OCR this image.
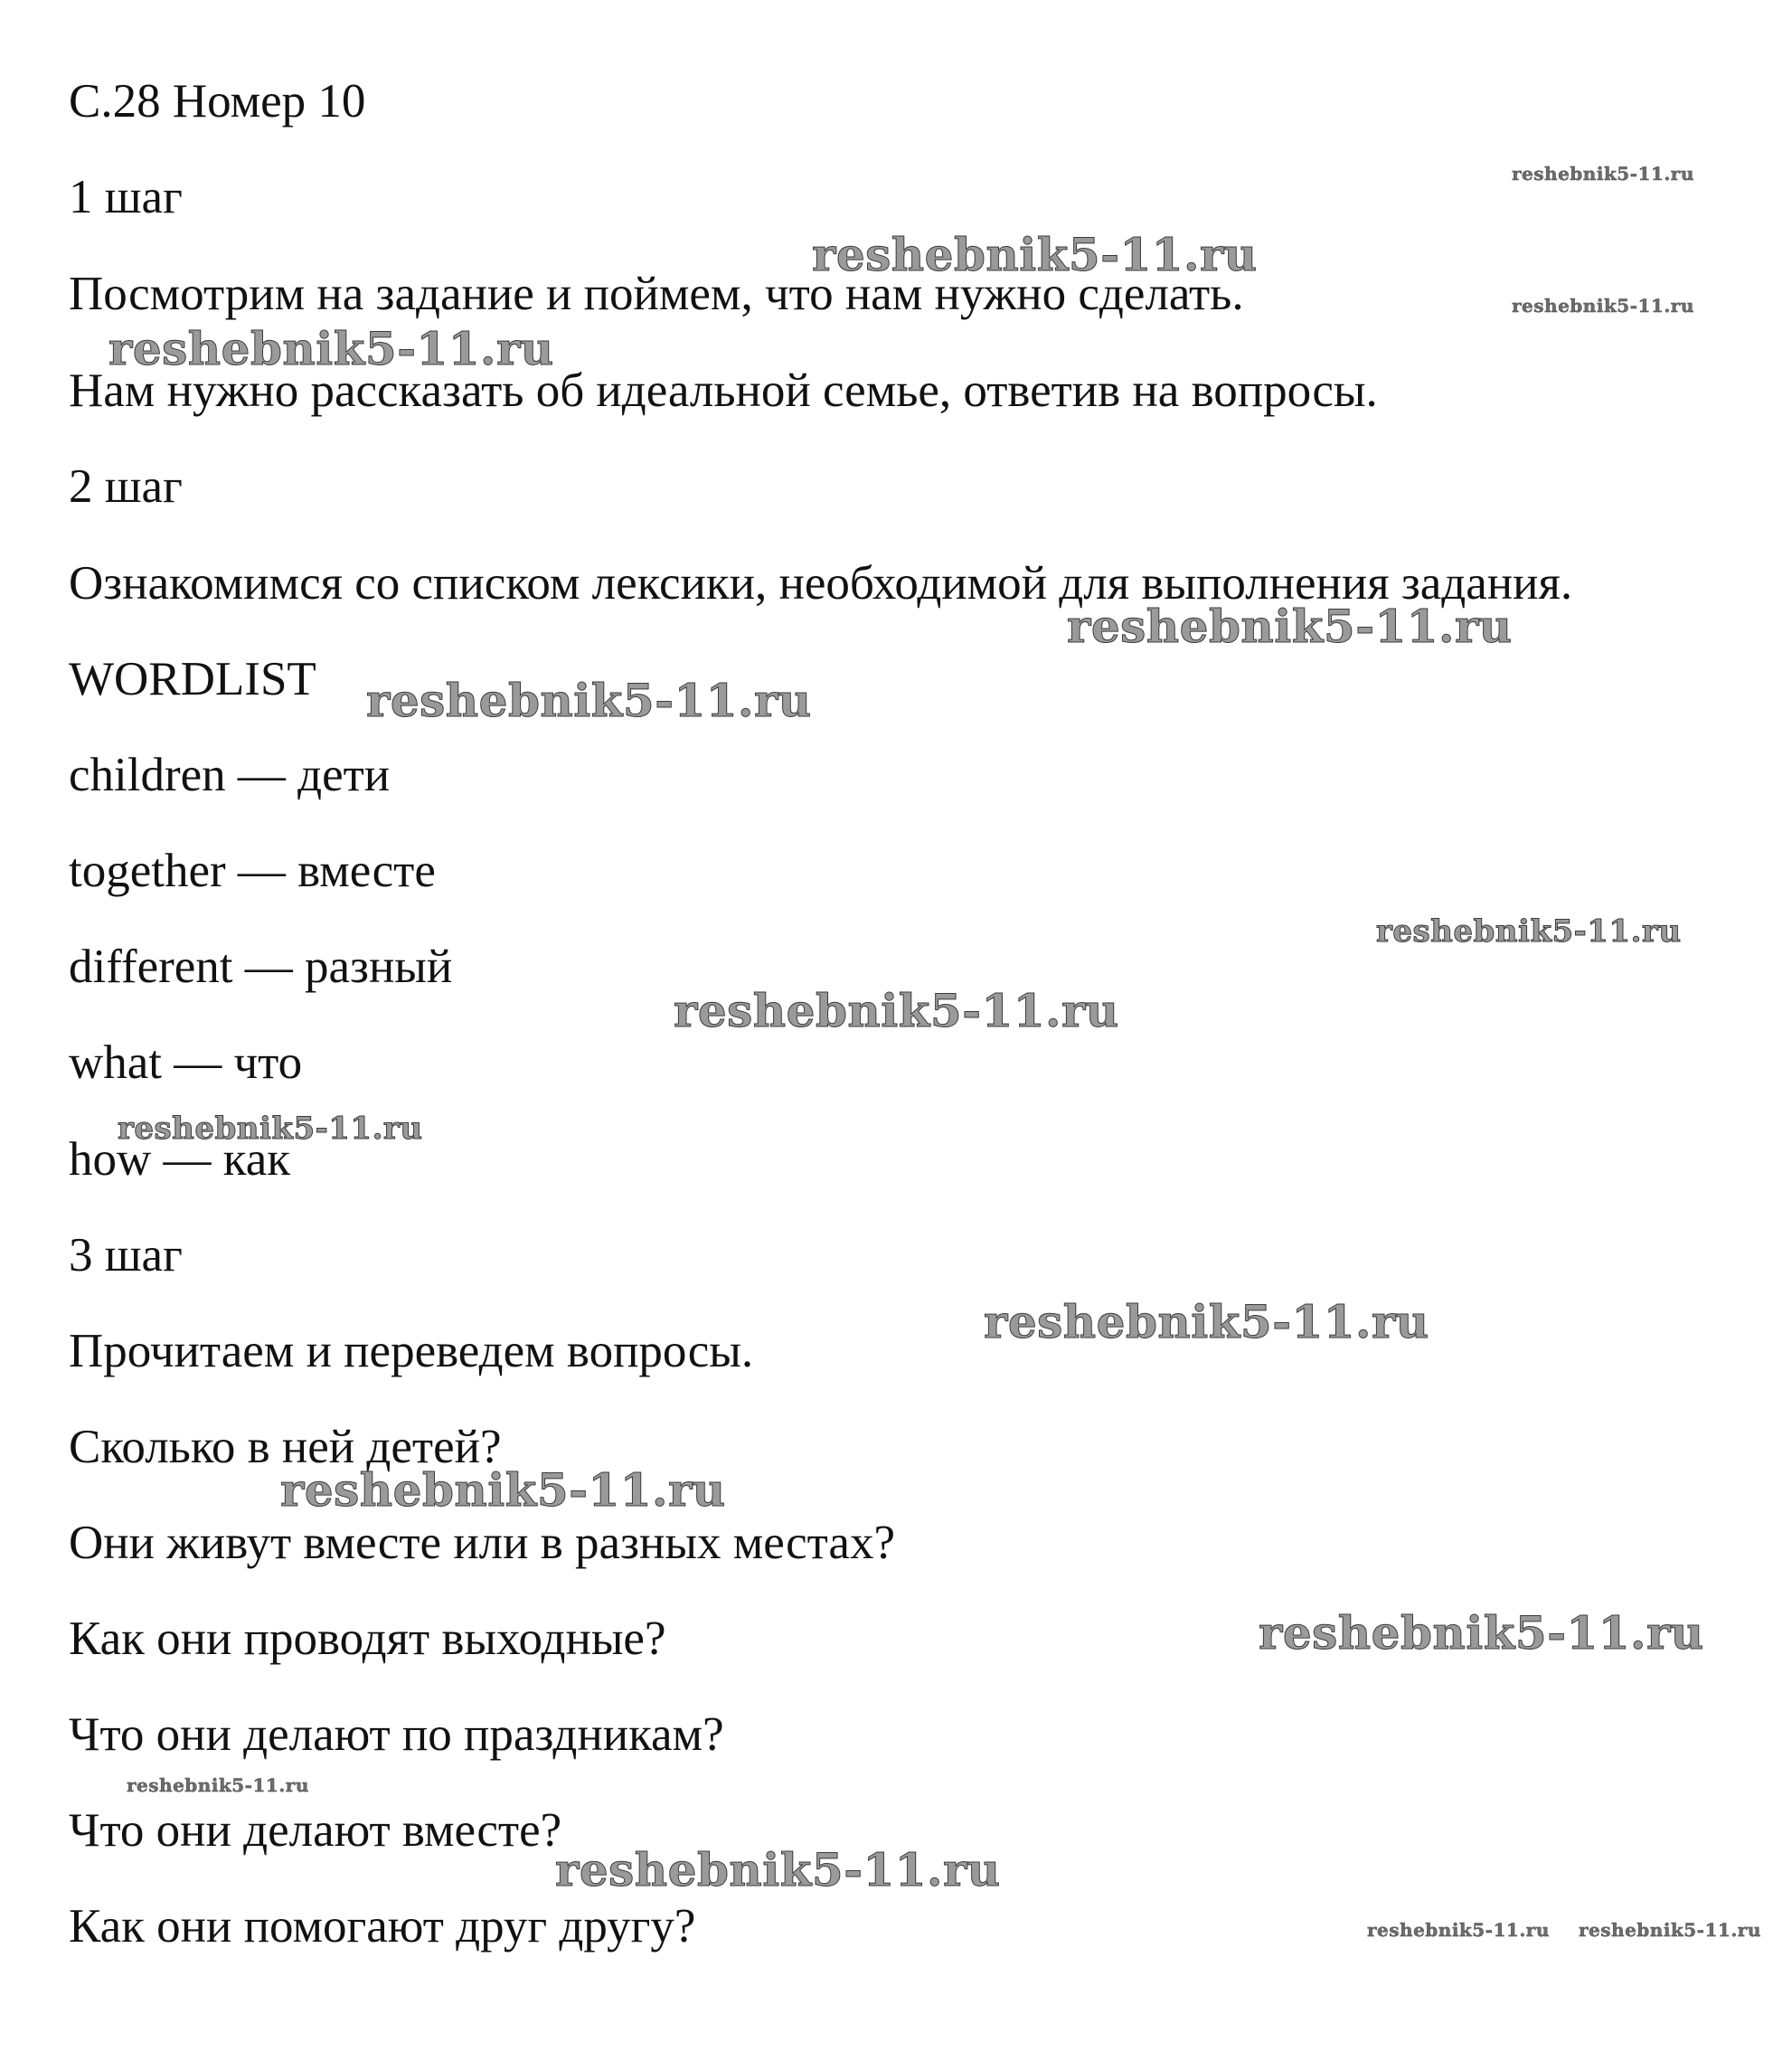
С.28 Номер 10
1 шаг
Посмотрим на задание и поймем, что нам нужно сделать.
Нам нужно рассказать об идеальной семье, ответив на вопросы.
2 шаг
Ознакомимся со списком лексики, необходимой для выполнения задания.
WORDLIST
children — дети
together — вместе
different — разный
what — что
how — как
3 шаг
Прочитаем и переведем вопросы.
Сколько в ней детей?
Они живут вместе или в разных местах?
Как они проводят выходные?
Что они делают по праздникам?
Что они делают вместе?
Как они помогают друг другу?
reshebnik5-11.ru
reshebnik5-11.ru
reshebnik5-11.ru
reshebnik5-11.ru
reshebnik5-11.ru
reshebnik5-11.ru
reshebnik5-11.ru
reshebnik5-11.ru
reshebnik5-11.ru
reshebnik5-11.ru
reshebnik5-11.ru
reshebnik5-11.ru
reshebnik5-11.ru
reshebnik5-11.ru
reshebnik5-11.ru reshebnik5-11.ru
